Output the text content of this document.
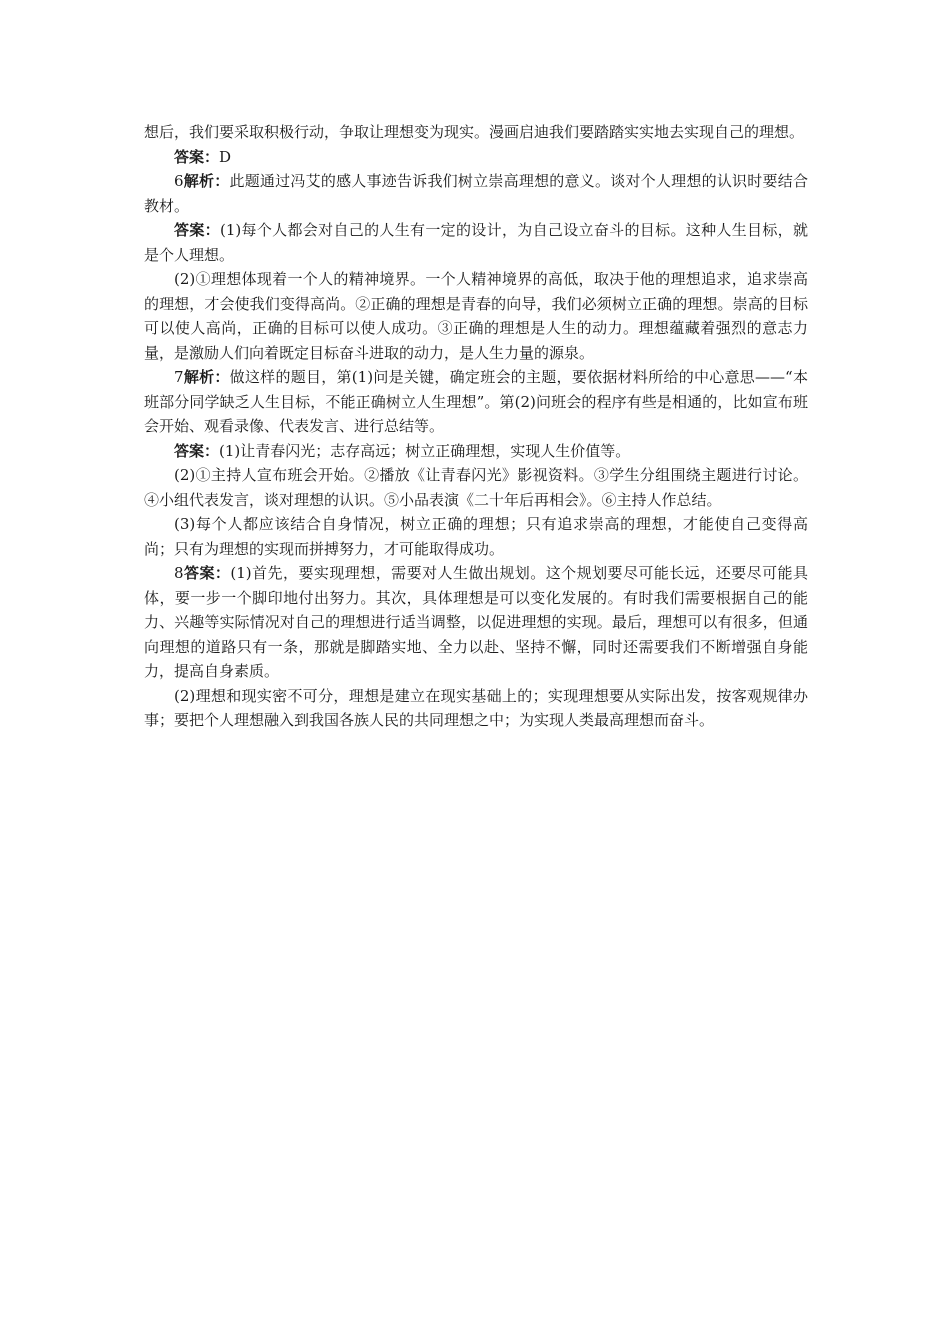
想后，我们要采取积极行动，争取让理想变为现实。漫画启迪我们要踏踏实实地去实现自己的理想。

答案：D

6解析：此题通过冯艾的感人事迹告诉我们树立崇高理想的意义。谈对个人理想的认识时要结合教材。

答案：(1)每个人都会对自己的人生有一定的设计，为自己设立奋斗的目标。这种人生目标，就是个人理想。

(2)①理想体现着一个人的精神境界。一个人精神境界的高低，取决于他的理想追求，追求崇高的理想，才会使我们变得高尚。②正确的理想是青春的向导，我们必须树立正确的理想。崇高的目标可以使人高尚，正确的目标可以使人成功。③正确的理想是人生的动力。理想蕴藏着强烈的意志力量，是激励人们向着既定目标奋斗进取的动力，是人生力量的源泉。

7解析：做这样的题目，第(1)问是关键，确定班会的主题，要依据材料所给的中心意思——“本班部分同学缺乏人生目标，不能正确树立人生理想”。第(2)问班会的程序有些是相通的，比如宣布班会开始、观看录像、代表发言、进行总结等。

答案：(1)让青春闪光；志存高远；树立正确理想，实现人生价值等。

(2)①主持人宣布班会开始。②播放《让青春闪光》影视资料。③学生分组围绕主题进行讨论。④小组代表发言，谈对理想的认识。⑤小品表演《二十年后再相会》。⑥主持人作总结。

(3)每个人都应该结合自身情况，树立正确的理想；只有追求崇高的理想，才能使自己变得高尚；只有为理想的实现而拼搏努力，才可能取得成功。

8答案：(1)首先，要实现理想，需要对人生做出规划。这个规划要尽可能长远，还要尽可能具体，要一步一个脚印地付出努力。其次，具体理想是可以变化发展的。有时我们需要根据自己的能力、兴趣等实际情况对自己的理想进行适当调整，以促进理想的实现。最后，理想可以有很多，但通向理想的道路只有一条，那就是脚踏实地、全力以赴、坚持不懈，同时还需要我们不断增强自身能力，提高自身素质。

(2)理想和现实密不可分，理想是建立在现实基础上的；实现理想要从实际出发，按客观规律办事；要把个人理想融入到我国各族人民的共同理想之中；为实现人类最高理想而奋斗。
